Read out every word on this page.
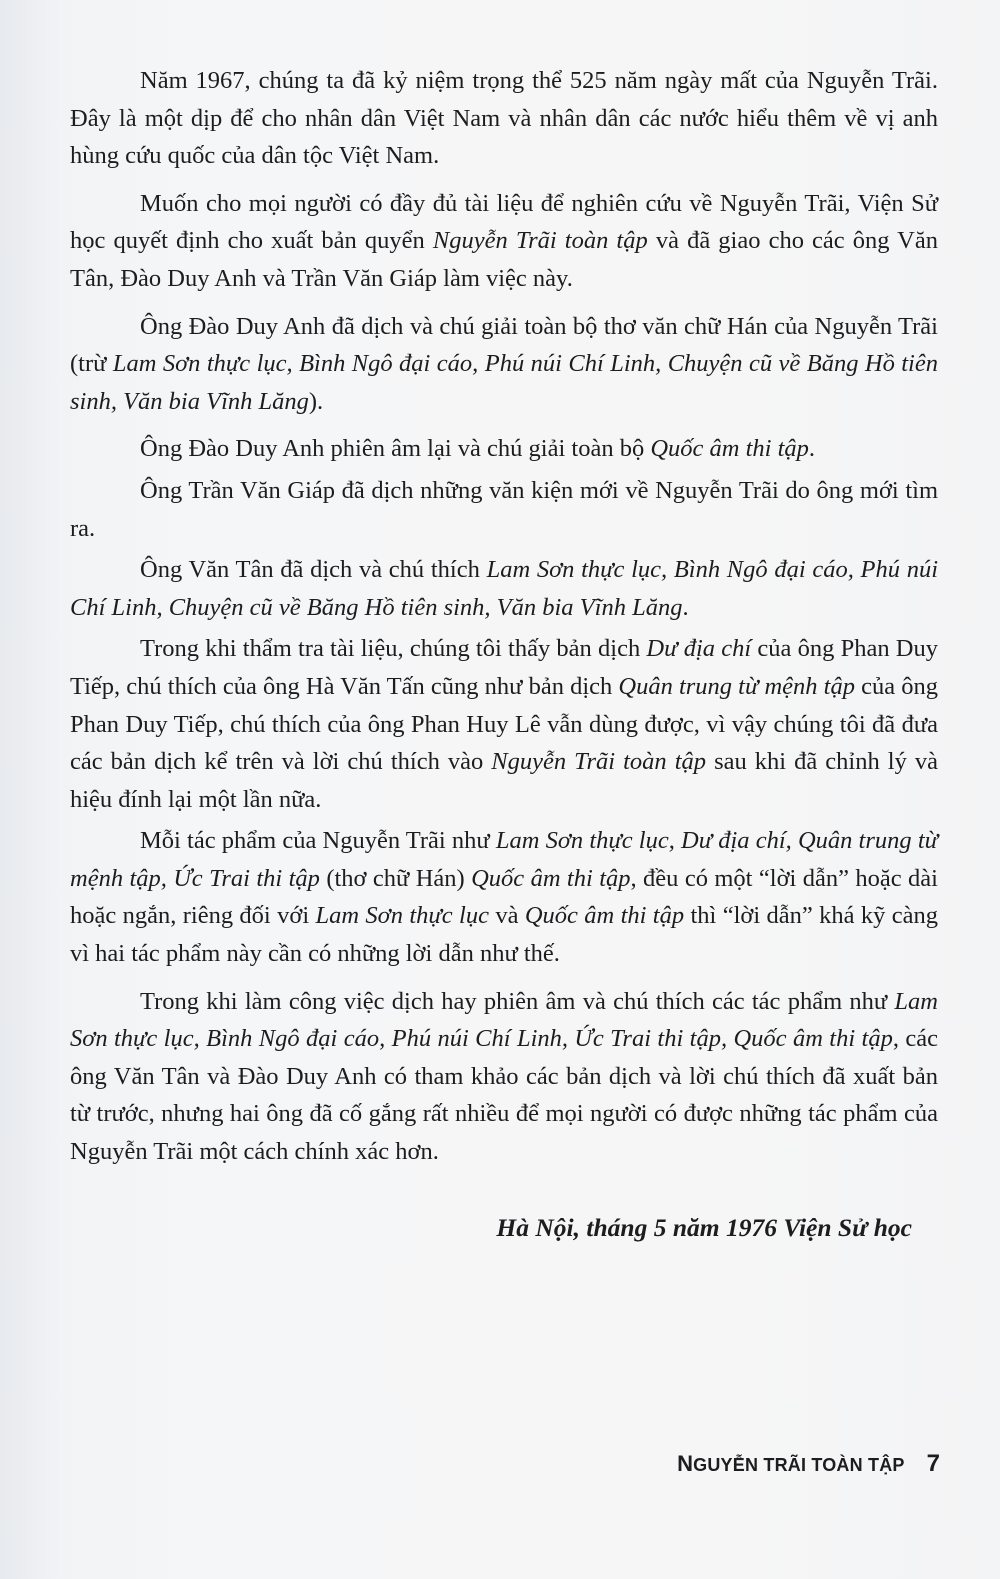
Năm 1967, chúng ta đã kỷ niệm trọng thể 525 năm ngày mất của Nguyễn Trãi. Đây là một dịp để cho nhân dân Việt Nam và nhân dân các nước hiểu thêm về vị anh hùng cứu quốc của dân tộc Việt Nam.

Muốn cho mọi người có đầy đủ tài liệu để nghiên cứu về Nguyễn Trãi, Viện Sử học quyết định cho xuất bản quyển Nguyễn Trãi toàn tập và đã giao cho các ông Văn Tân, Đào Duy Anh và Trần Văn Giáp làm việc này.

Ông Đào Duy Anh đã dịch và chú giải toàn bộ thơ văn chữ Hán của Nguyễn Trãi (trừ Lam Sơn thực lục, Bình Ngô đại cáo, Phú núi Chí Linh, Chuyện cũ về Băng Hồ tiên sinh, Văn bia Vĩnh Lăng).

Ông Đào Duy Anh phiên âm lại và chú giải toàn bộ Quốc âm thi tập.

Ông Trần Văn Giáp đã dịch những văn kiện mới về Nguyễn Trãi do ông mới tìm ra.

Ông Văn Tân đã dịch và chú thích Lam Sơn thực lục, Bình Ngô đại cáo, Phú núi Chí Linh, Chuyện cũ về Băng Hồ tiên sinh, Văn bia Vĩnh Lăng.

Trong khi thẩm tra tài liệu, chúng tôi thấy bản dịch Dư địa chí của ông Phan Duy Tiếp, chú thích của ông Hà Văn Tấn cũng như bản dịch Quân trung từ mệnh tập của ông Phan Duy Tiếp, chú thích của ông Phan Huy Lê vẫn dùng được, vì vậy chúng tôi đã đưa các bản dịch kể trên và lời chú thích vào Nguyễn Trãi toàn tập sau khi đã chỉnh lý và hiệu đính lại một lần nữa.

Mỗi tác phẩm của Nguyễn Trãi như Lam Sơn thực lục, Dư địa chí, Quân trung từ mệnh tập, Ức Trai thi tập (thơ chữ Hán) Quốc âm thi tập, đều có một “lời dẫn” hoặc dài hoặc ngắn, riêng đối với Lam Sơn thực lục và Quốc âm thi tập thì “lời dẫn” khá kỹ càng vì hai tác phẩm này cần có những lời dẫn như thế.

Trong khi làm công việc dịch hay phiên âm và chú thích các tác phẩm như Lam Sơn thực lục, Bình Ngô đại cáo, Phú núi Chí Linh, Ức Trai thi tập, Quốc âm thi tập, các ông Văn Tân và Đào Duy Anh có tham khảo các bản dịch và lời chú thích đã xuất bản từ trước, nhưng hai ông đã cố gắng rất nhiều để mọi người có được những tác phẩm của Nguyễn Trãi một cách chính xác hơn.

Hà Nội, tháng 5 năm 1976 Viện Sử học
NGUYỄN TRÃI TOÀN TẬP 7
